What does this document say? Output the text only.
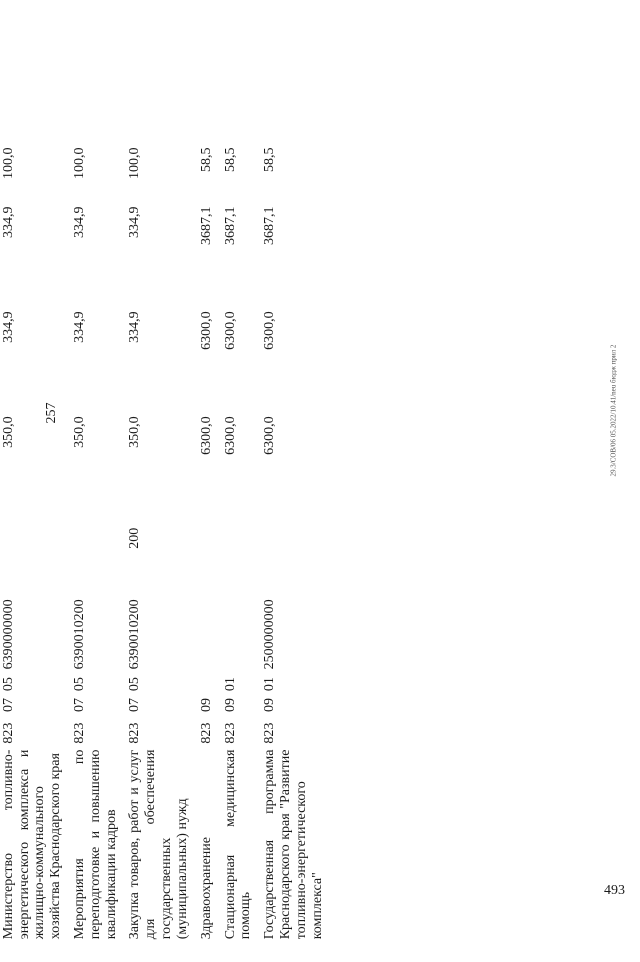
257
493
29.3/COB/06 05.2022/10.41/neu бюдж прил 2

	Министерство топливно-энергетического комплекса и жилищно-коммунального хозяйства Краснодарского края	823	07	05	6390000000		350,0	334,9	334,9	100,0

	Мероприятия по переподготовке и повышению квалификации кадров	823	07	05	6390010200		350,0	334,9	334,9	100,0

	Закупка товаров, работ и услуг для обеспечения государственных (муниципальных) нужд	823	07	05	6390010200	200	350,0	334,9	334,9	100,0

	Здравоохранение	823	09				6300,0	6300,0	3687,1	58,5

	Стационарная медицинская помощь	823	09	01			6300,0	6300,0	3687,1	58,5

	Государственная программа Краснодарского края "Развитие топливно-энергетического комплекса"	823	09	01	2500000000		6300,0	6300,0	3687,1	58,5
